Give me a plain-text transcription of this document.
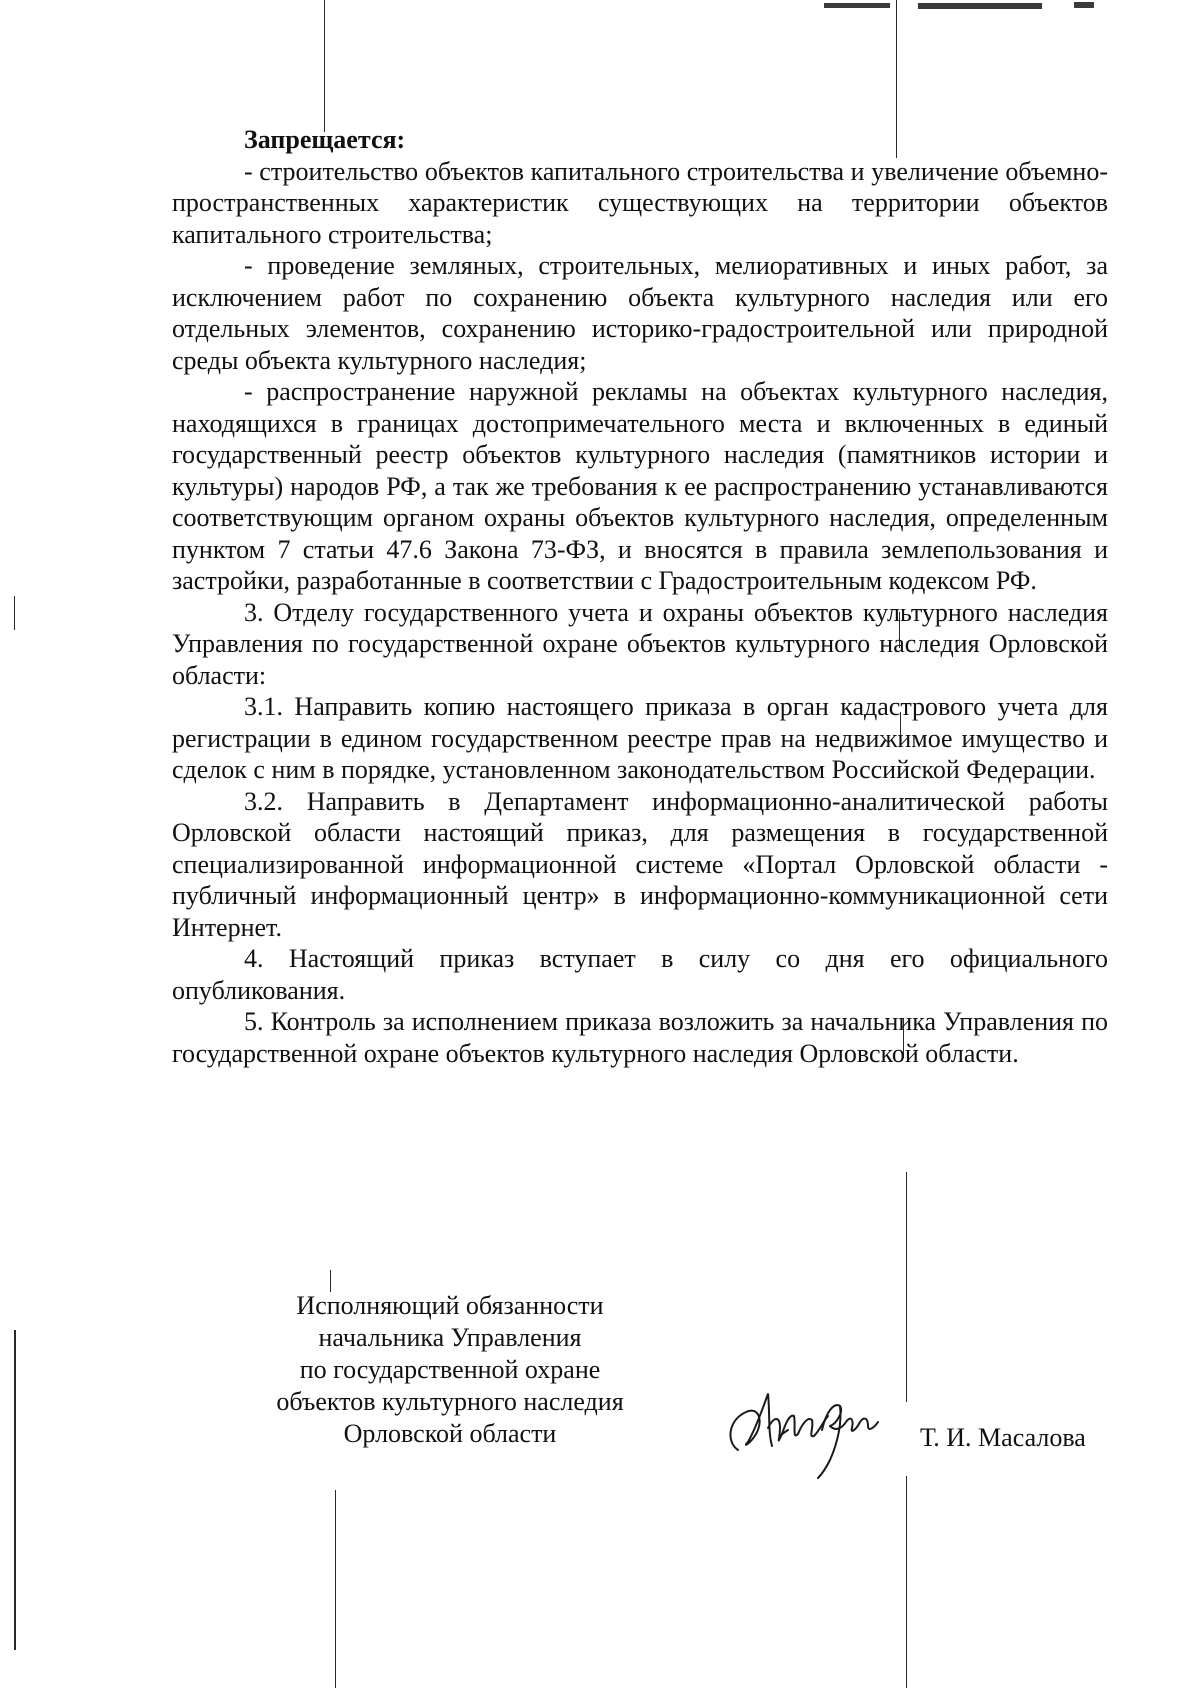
Запрещается:

- строительство объектов капитального строительства и увеличение объемно-пространственных характеристик существующих на территории объектов капитального строительства;

- проведение земляных, строительных, мелиоративных и иных работ, за исключением работ по сохранению объекта культурного наследия или его отдельных элементов, сохранению историко-градостроительной или природной среды объекта культурного наследия;

- распространение наружной рекламы на объектах культурного наследия, находящихся в границах достопримечательного места и включенных в единый государственный реестр объектов культурного наследия (памятников истории и культуры) народов РФ, а так же требования к ее распространению устанавливаются соответствующим органом охраны объектов культурного наследия, определенным пунктом 7 статьи 47.6 Закона 73-ФЗ, и вносятся в правила землепользования и застройки, разработанные в соответствии с Градостроительным кодексом РФ.

3. Отделу государственного учета и охраны объектов культурного наследия Управления по государственной охране объектов культурного наследия Орловской области:

3.1. Направить копию настоящего приказа в орган кадастрового учета для регистрации в едином государственном реестре прав на недвижимое имущество и сделок с ним в порядке, установленном законодательством Российской Федерации.

3.2. Направить в Департамент информационно-аналитической работы Орловской области настоящий приказ, для размещения в государственной специализированной информационной системе «Портал Орловской области - публичный информационный центр» в информационно-коммуникационной сети Интернет.

4. Настоящий приказ вступает в силу со дня его официального опубликования.

5. Контроль за исполнением приказа возложить за начальника Управления по государственной охране объектов культурного наследия Орловской области.

Исполняющий обязанности
начальника Управления
по государственной охране
объектов культурного наследия
Орловской области	Т. И. Масалова
